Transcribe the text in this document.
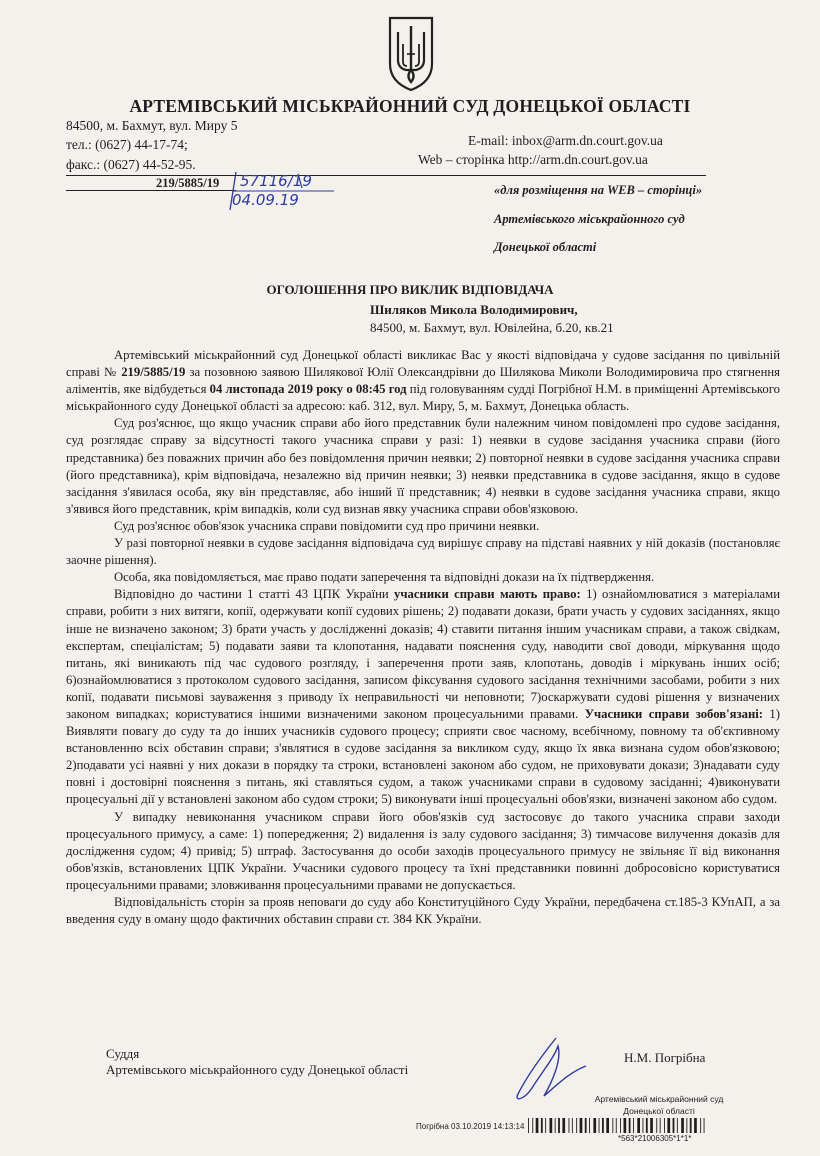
АРТЕМІВСЬКИЙ МІСЬКРАЙОННИЙ СУД ДОНЕЦЬКОЇ ОБЛАСТІ
84500, м. Бахмут, вул. Миру 5
тел.: (0627) 44-17-74;
факс.: (0627) 44-52-95.
E-mail: inbox@arm.dn.court.gov.ua
Web – сторінка http://arm.dn.court.gov.ua
219/5885/19 57116/19
04.09.19
«для розміщення на WEB – сторінці»
Артемівського міськрайонного суд
Донецької області
ОГОЛОШЕННЯ ПРО ВИКЛИК ВІДПОВІДАЧА
Шиляков Микола Володимирович,
84500, м. Бахмут, вул. Ювілейна, б.20, кв.21

Артемівський міськрайонний суд Донецької області викликає Вас у якості відповідача у судове засідання по цивільній справі № 219/5885/19 за позовною заявою Шилякової Юлії Олександрівни до Шилякова Миколи Володимировича про стягнення аліментів, яке відбудеться 04 листопада 2019 року о 08:45 год під головуванням судді Погрібної Н.М. в приміщенні Артемівського міськрайонного суду Донецької області за адресою: каб. 312, вул. Миру, 5, м. Бахмут, Донецька область.

Суд роз'яснює, що якщо учасник справи або його представник були належним чином повідомлені про судове засідання, суд розглядає справу за відсутності такого учасника справи у разі: 1) неявки в судове засідання учасника справи (його представника) без поважних причин або без повідомлення причин неявки; 2) повторної неявки в судове засідання учасника справи (його представника), крім відповідача, незалежно від причин неявки; 3) неявки представника в судове засідання, якщо в судове засідання з'явилася особа, яку він представляє, або інший її представник; 4) неявки в судове засідання учасника справи, якщо з'явився його представник, крім випадків, коли суд визнав явку учасника справи обов'язковою.

Суд роз'яснює обов'язок учасника справи повідомити суд про причини неявки.

У разі повторної неявки в судове засідання відповідача суд вирішує справу на підставі наявних у ній доказів (постановляє заочне рішення).

Особа, яка повідомляється, має право подати заперечення та відповідні докази на їх підтвердження.

Відповідно до частини 1 статті 43 ЦПК України учасники справи мають право: 1) ознайомлюватися з матеріалами справи, робити з них витяги, копії, одержувати копії судових рішень; 2) подавати докази, брати участь у судових засіданнях, якщо інше не визначено законом; 3) брати участь у дослідженні доказів; 4) ставити питання іншим учасникам справи, а також свідкам, експертам, спеціалістам; 5) подавати заяви та клопотання, надавати пояснення суду, наводити свої доводи, міркування щодо питань, які виникають під час судового розгляду, і заперечення проти заяв, клопотань, доводів і міркувань інших осіб; 6)ознайомлюватися з протоколом судового засідання, записом фіксування судового засідання технічними засобами, робити з них копії, подавати письмові зауваження з приводу їх неправильності чи неповноти; 7)оскаржувати судові рішення у визначених законом випадках; користуватися іншими визначеними законом процесуальними правами. Учасники справи зобов'язані: 1) Виявляти повагу до суду та до інших учасників судового процесу; сприяти своє часному, всебічному, повному та об'єктивному встановленню всіх обставин справи; з'являтися в судове засідання за викликом суду, якщо їх явка визнана судом обов'язковою; 2)подавати усі наявні у них докази в порядку та строки, встановлені законом або судом, не приховувати докази; 3)надавати суду повні і достовірні пояснення з питань, які ставляться судом, а також учасниками справи в судовому засіданні; 4)виконувати процесуальні дії у встановлені законом або судом строки; 5) виконувати інші процесуальні обов'язки, визначені законом або судом.

У випадку невиконання учасником справи його обов'язків суд застосовує до такого учасника справи заходи процесуального примусу, а саме: 1) попередження; 2) видалення із залу судового засідання; 3) тимчасове вилучення доказів для дослідження судом; 4) привід; 5) штраф. Застосування до особи заходів процесуального примусу не звільняє її від виконання обов'язків, встановлених ЦПК України. Учасники судового процесу та їхні представники повинні добросовісно користуватися процесуальними правами; зловживання процесуальними правами не допускається.

Відповідальність сторін за прояв неповаги до суду або Конституційного Суду України, передбачена ст.185-3 КУпАП, а за введення суду в оману щодо фактичних обставин справи ст. 384 КК України.

Суддя
Артемівського міськрайонного суду Донецької області
Н.М. Погрібна
Артемівський міськрайонний суд
Донецької області
Погрібна 03.10.2019 14:13:14
*563*21006305*1*1*
